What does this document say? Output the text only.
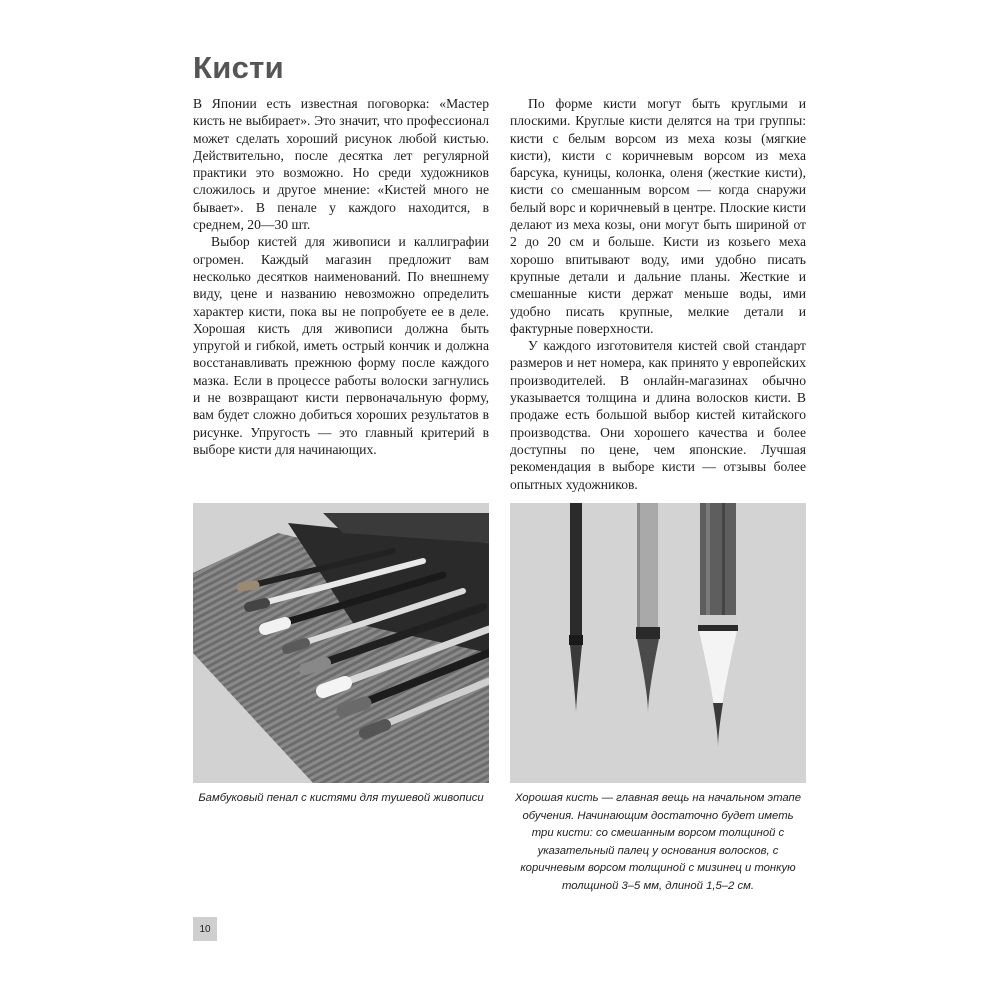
Кисти

В Японии есть известная поговорка: «Мастер кисть не выбирает». Это значит, что профессионал может сделать хороший рисунок любой кистью. Действительно, после десятка лет регулярной практики это возможно. Но среди художников сложилось и другое мнение: «Кистей много не бывает». В пенале у каждого находится, в среднем, 20—30 шт.

Выбор кистей для живописи и каллиграфии огромен. Каждый магазин предложит вам несколько десятков наименований. По внешнему виду, цене и названию невозможно определить характер кисти, пока вы не попробуете ее в деле. Хорошая кисть для живописи должна быть упругой и гибкой, иметь острый кончик и должна восстанавливать прежнюю форму после каждого мазка. Если в процессе работы волоски загнулись и не возвращают кисти первоначальную форму, вам будет сложно добиться хороших результатов в рисунке. Упругость — это главный критерий в выборе кисти для начинающих.

По форме кисти могут быть круглыми и плоскими. Круглые кисти делятся на три группы: кисти с белым ворсом из меха козы (мягкие кисти), кисти с коричневым ворсом из меха барсука, куницы, колонка, оленя (жесткие кисти), кисти со смешанным ворсом — когда снаружи белый ворс и коричневый в центре. Плоские кисти делают из меха козы, они могут быть шириной от 2 до 20 см и больше. Кисти из козьего меха хорошо впитывают воду, ими удобно писать крупные детали и дальние планы. Жесткие и смешанные кисти держат меньше воды, ими удобно писать крупные, мелкие детали и фактурные поверхности.

У каждого изготовителя кистей свой стандарт размеров и нет номера, как принято у европейских производителей. В онлайн-магазинах обычно указывается толщина и длина волосков кисти. В продаже есть большой выбор кистей китайского производства. Они хорошего качества и более доступны по цене, чем японские. Лучшая рекомендация в выборе кисти — отзывы более опытных художников.

Бамбуковый пенал с кистями для тушевой живописи	Хорошая кисть — главная вещь на начальном этапе обучения. Начинающим достаточно будет иметь три кисти: со смешанным ворсом толщиной с указательный палец у основания волосков, с коричневым ворсом толщиной с мизинец и тонкую толщиной 3–5 мм, длиной 1,5–2 см.
10
